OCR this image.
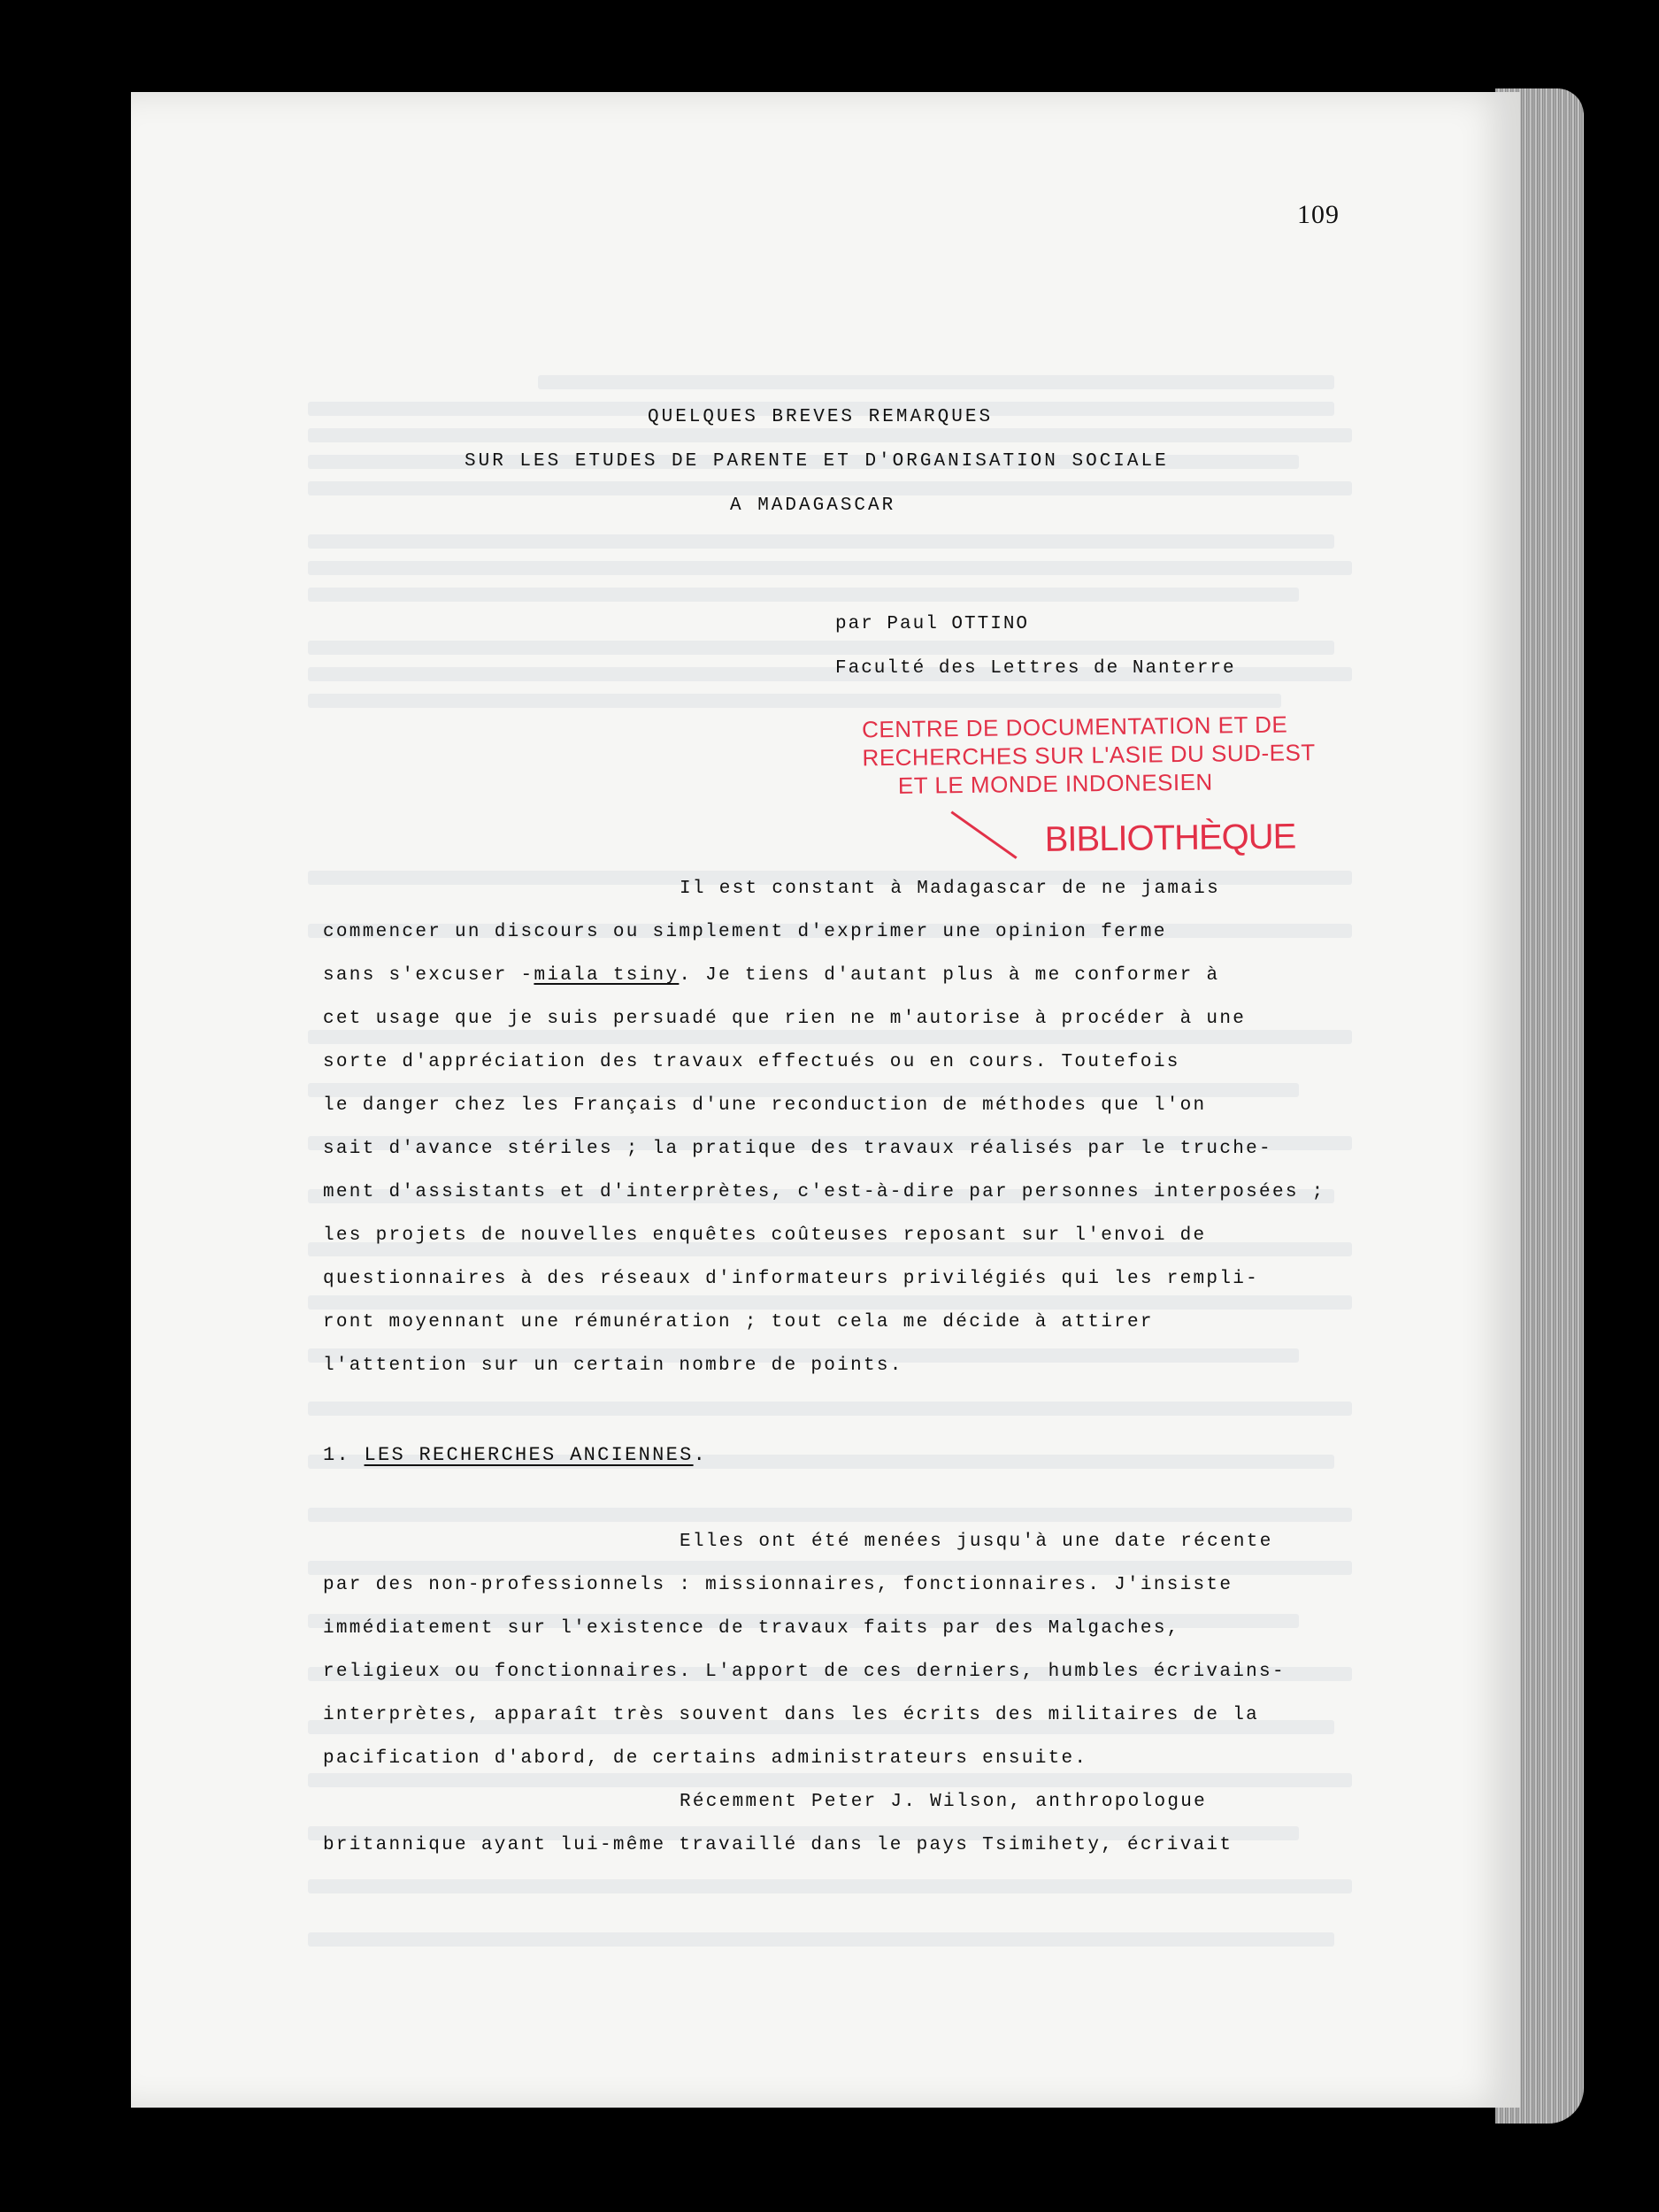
109
QUELQUES BREVES REMARQUES
SUR LES ETUDES DE PARENTE ET D'ORGANISATION SOCIALE
A MADAGASCAR
par Paul OTTINO
Faculté des Lettres de Nanterre
CENTRE DE DOCUMENTATION ET DE
RECHERCHES SUR L'ASIE DU SUD-EST
ET LE MONDE INDONESIEN
BIBLIOTHÈQUE
Il est constant à Madagascar de ne jamais
commencer un discours ou simplement d'exprimer une opinion ferme
sans s'excuser -miala tsiny. Je tiens d'autant plus à me conformer à
cet usage que je suis persuadé que rien ne m'autorise à procéder à une
sorte d'appréciation des travaux effectués ou en cours. Toutefois
le danger chez les Français d'une reconduction de méthodes que l'on
sait d'avance stériles ; la pratique des travaux réalisés par le truche-
ment d'assistants et d'interprètes, c'est-à-dire par personnes interposées ;
les projets de nouvelles enquêtes coûteuses reposant sur l'envoi de
questionnaires à des réseaux d'informateurs privilégiés qui les rempli-
ront moyennant une rémunération ; tout cela me décide à attirer
l'attention sur un certain nombre de points.
1. LES RECHERCHES ANCIENNES.
Elles ont été menées jusqu'à une date récente
par des non-professionnels : missionnaires, fonctionnaires. J'insiste
immédiatement sur l'existence de travaux faits par des Malgaches,
religieux ou fonctionnaires. L'apport de ces derniers, humbles écrivains-
interprètes, apparaît très souvent dans les écrits des militaires de la
pacification d'abord, de certains administrateurs ensuite.
Récemment Peter J. Wilson, anthropologue
britannique ayant lui-même travaillé dans le pays Tsimihety, écrivait
